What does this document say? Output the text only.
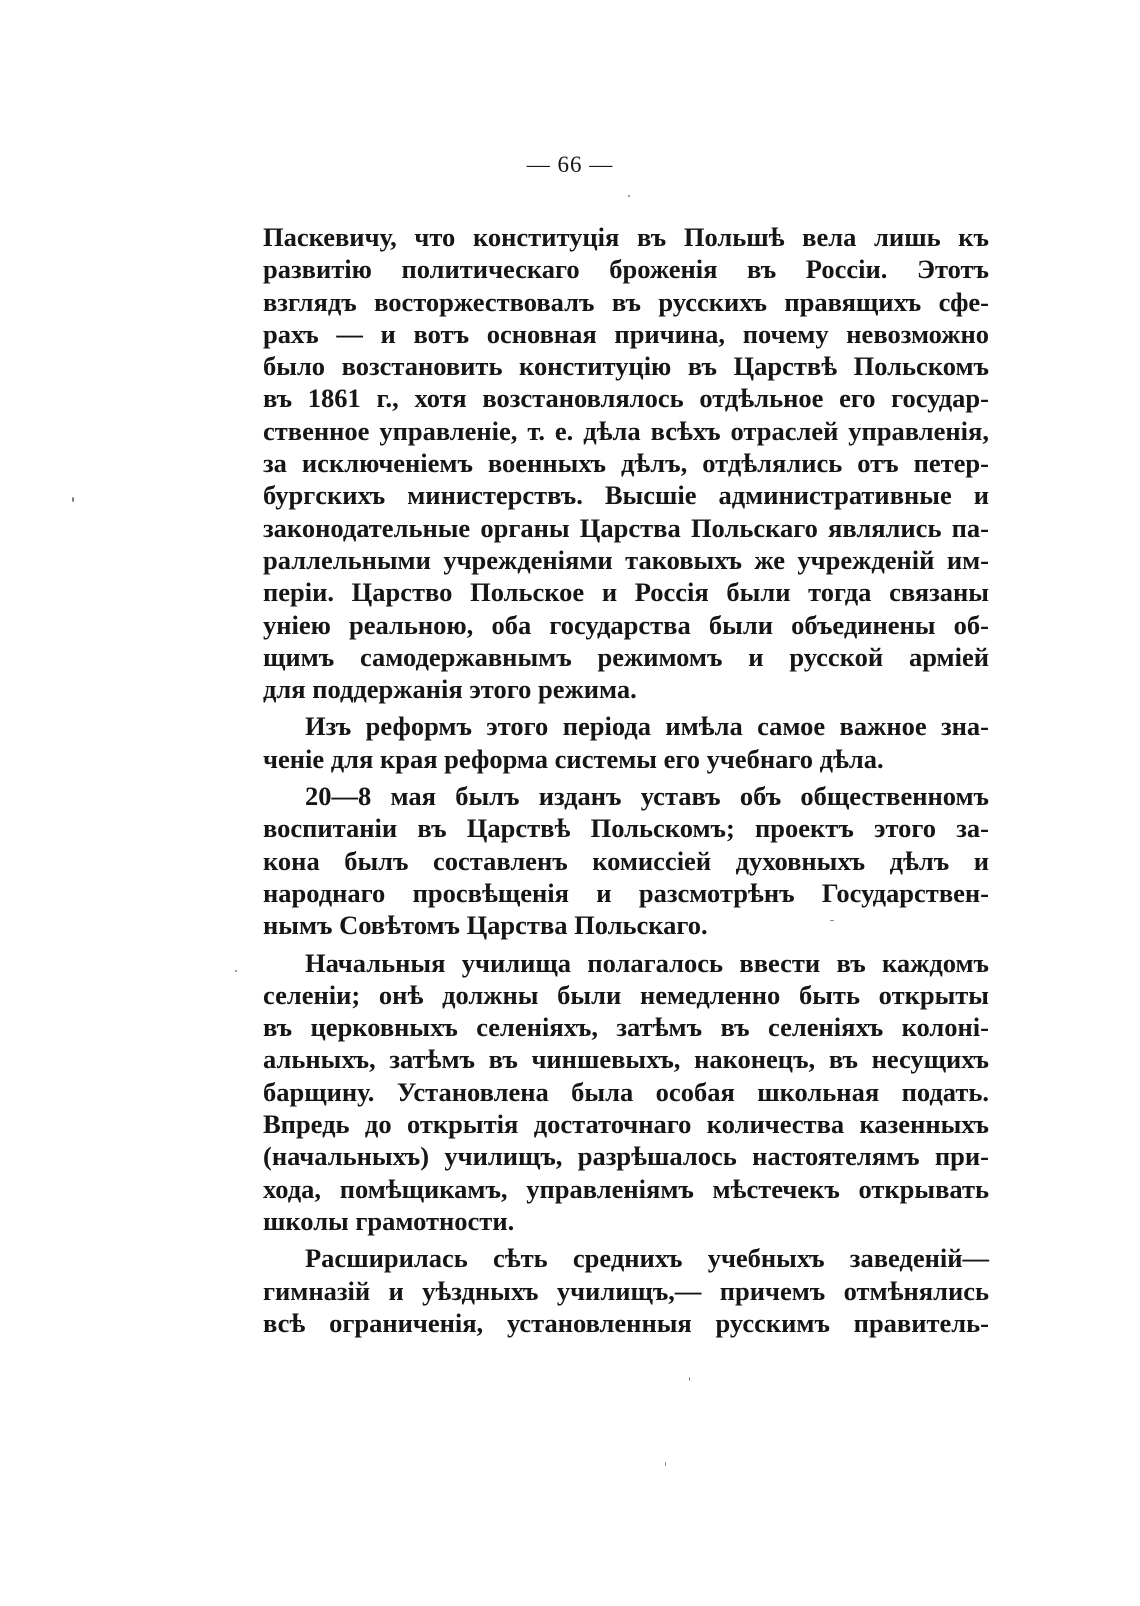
— 66 —
Паскевичу, что конституція въ Польшѣ вела лишь къ
развитію политическаго броженія въ Россіи. Этотъ
взглядъ восторжествовалъ въ русскихъ правящихъ сфе-
рахъ — и вотъ основная причина, почему невозможно
было возстановить конституцію въ Царствѣ Польскомъ
въ 1861 г., хотя возстановлялось отдѣльное его государ-
ственное управленіе, т. е. дѣла всѣхъ отраслей управленія,
за исключеніемъ военныхъ дѣлъ, отдѣлялись отъ петер-
бургскихъ министерствъ. Высшіе административные и
законодательные органы Царства Польскаго являлись па-
раллельными учрежденіями таковыхъ же учрежденій им-
періи. Царство Польское и Россія были тогда связаны
уніею реальною, оба государства были объединены об-
щимъ самодержавнымъ режимомъ и русской арміей
для поддержанія этого режима.
Изъ реформъ этого періода имѣла самое важное зна-
ченіе для края реформа системы его учебнаго дѣла.
20—8 мая былъ изданъ уставъ объ общественномъ
воспитаніи въ Царствѣ Польскомъ; проектъ этого за-
кона былъ составленъ комиссіей духовныхъ дѣлъ и
народнаго просвѣщенія и разсмотрѣнъ Государствен-
нымъ Совѣтомъ Царства Польскаго.
Начальныя училища полагалось ввести въ каждомъ
селеніи; онѣ должны были немедленно быть открыты
въ церковныхъ селеніяхъ, затѣмъ въ селеніяхъ колоні-
альныхъ, затѣмъ въ чиншевыхъ, наконецъ, въ несущихъ
барщину. Установлена была особая школьная подать.
Впредь до открытія достаточнаго количества казенныхъ
(начальныхъ) училищъ, разрѣшалось настоятелямъ при-
хода, помѣщикамъ, управленіямъ мѣстечекъ открывать
школы грамотности.
Расширилась сѣть среднихъ учебныхъ заведеній—
гимназій и уѣздныхъ училищъ,— причемъ отмѣнялись
всѣ ограниченія, установленныя русскимъ правитель-
